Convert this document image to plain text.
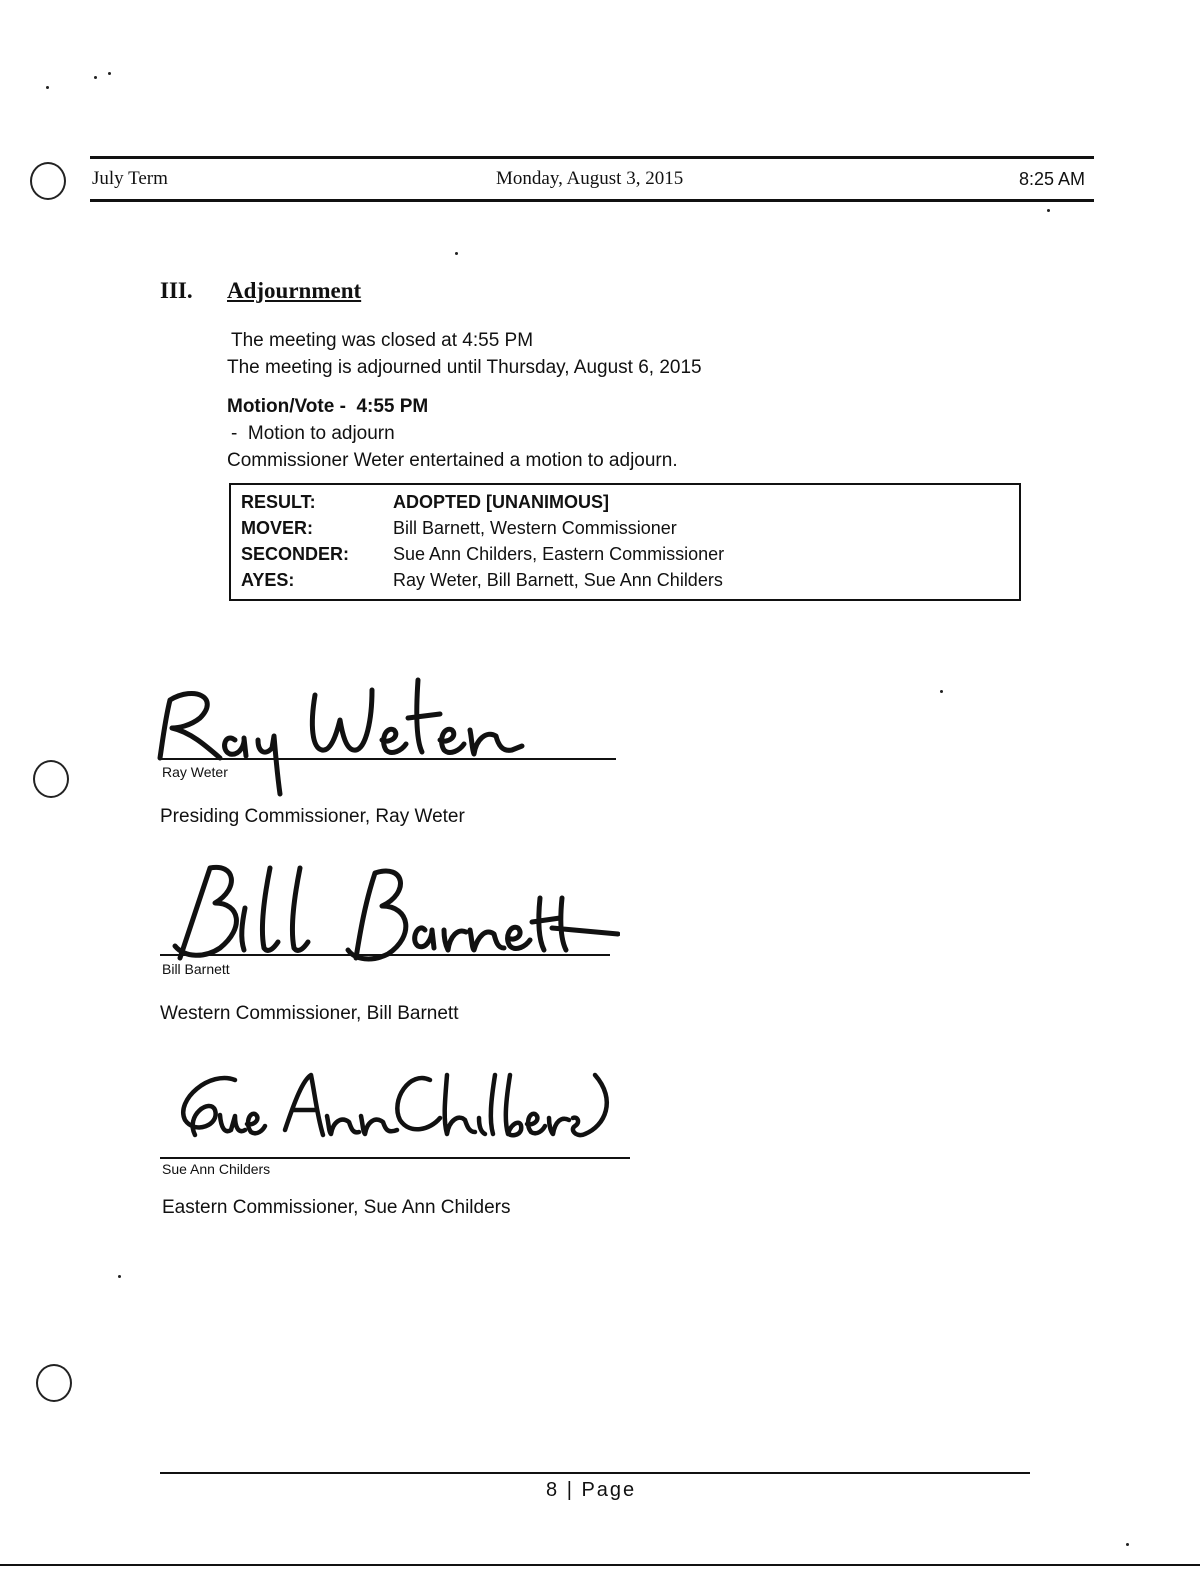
July Term	Monday, August 3, 2015	8:25 AM
III. Adjournment
The meeting was closed at 4:55 PM
The meeting is adjourned until Thursday, August 6, 2015
Motion/Vote -  4:55 PM
-  Motion to adjourn
Commissioner Weter entertained a motion to adjourn.
RESULT:	ADOPTED [UNANIMOUS]
MOVER:	Bill Barnett, Western Commissioner
SECONDER:	Sue Ann Childers, Eastern Commissioner
AYES:	Ray Weter, Bill Barnett, Sue Ann Childers
Ray Weter
Presiding Commissioner, Ray Weter
Bill Barnett
Western Commissioner, Bill Barnett
Sue Ann Childers
Eastern Commissioner, Sue Ann Childers
8 | Page
